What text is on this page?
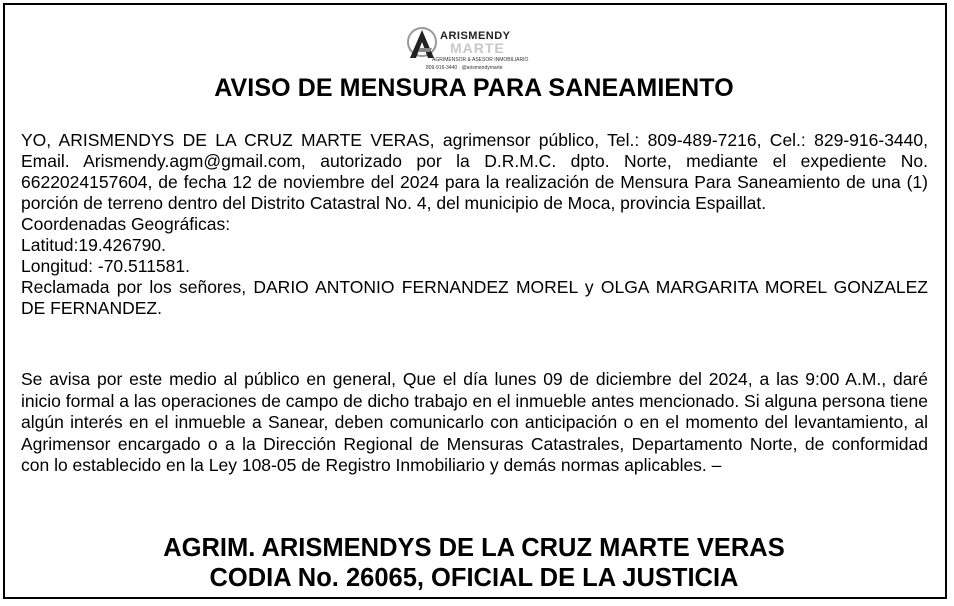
ARISMENDY
MARTE
AGRIMENSOR & ASESOR INMOBILIARIO
809-916-3440 · @arismendymarte
AVISO DE MENSURA PARA SANEAMIENTO
YO, ARISMENDYS DE LA CRUZ MARTE VERAS, agrimensor público, Tel.: 809-489-7216, Cel.: 829-916-3440, Email. Arismendy.agm@gmail.com, autorizado por la D.R.M.C. dpto. Norte, mediante el expediente No. 6622024157604, de fecha 12 de noviembre del 2024 para la realización de Mensura Para Saneamiento de una (1) porción de terreno dentro del Distrito Catastral No. 4, del municipio de Moca, provincia Espaillat.
Coordenadas Geográficas:
Latitud:19.426790.
Longitud: -70.511581.
Reclamada por los señores, DARIO ANTONIO FERNANDEZ MOREL y OLGA MARGARITA MOREL GONZALEZ DE FERNANDEZ.
Se avisa por este medio al público en general, Que el día lunes 09 de diciembre del 2024, a las 9:00 A.M., daré inicio formal a las operaciones de campo de dicho trabajo en el inmueble antes mencionado. Si alguna persona tiene algún interés en el inmueble a Sanear, deben comunicarlo con anticipación o en el momento del levantamiento, al Agrimensor encargado o a la Dirección Regional de Mensuras Catastrales, Departamento Norte, de conformidad con lo establecido en la Ley 108-05 de Registro Inmobiliario y demás normas aplicables. –
AGRIM. ARISMENDYS DE LA CRUZ MARTE VERAS
CODIA No. 26065, OFICIAL DE LA JUSTICIA
